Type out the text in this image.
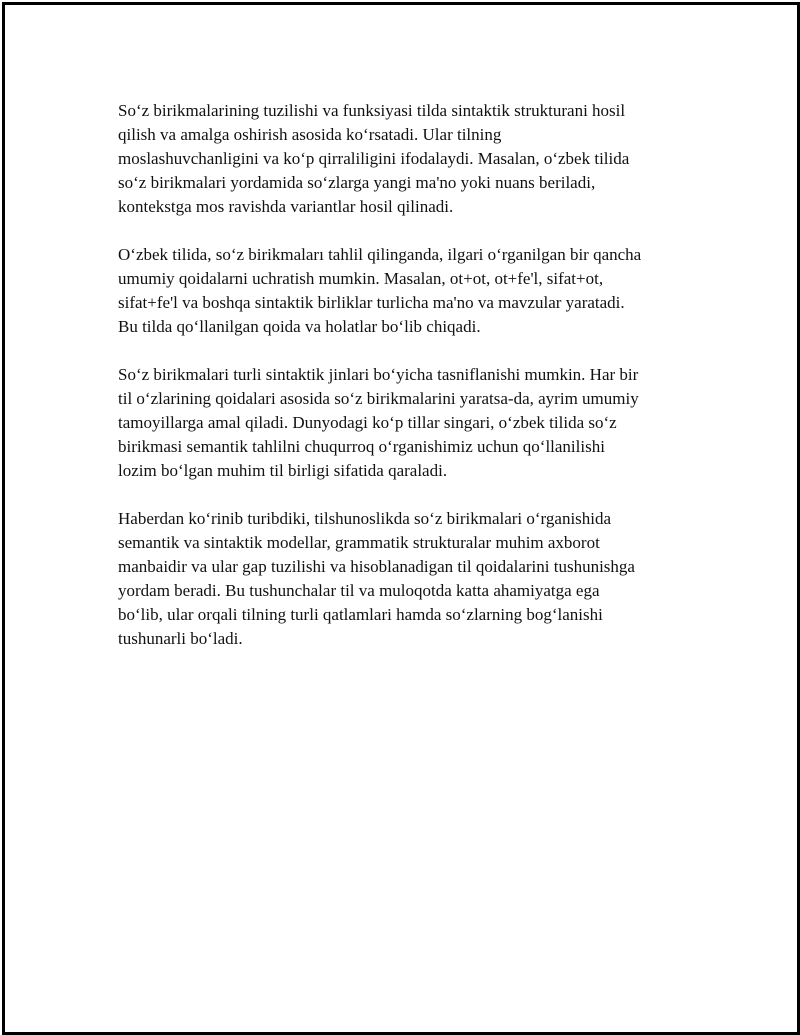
So‘z birikmalarining tuzilishi va funksiyasi tilda sintaktik strukturani hosil
qilish va amalga oshirish asosida ko‘rsatadi. Ular tilning
moslashuvchanligini va ko‘p qirraliligini ifodalaydi. Masalan, o‘zbek tilida
so‘z birikmalari yordamida so‘zlarga yangi ma'no yoki nuans beriladi,
kontekstga mos ravishda variantlar hosil qilinadi.

O‘zbek tilida, so‘z birikmaları tahlil qilinganda, ilgari o‘rganilgan bir qancha
umumiy qoidalarni uchratish mumkin. Masalan, ot+ot, ot+fe'l, sifat+ot,
sifat+fe'l va boshqa sintaktik birliklar turlicha ma'no va mavzular yaratadi.
Bu tilda qo‘llanilgan qoida va holatlar bo‘lib chiqadi.

So‘z birikmalari turli sintaktik jinlari bo‘yicha tasniflanishi mumkin. Har bir
til o‘zlarining qoidalari asosida so‘z birikmalarini yaratsa-da, ayrim umumiy
tamoyillarga amal qiladi. Dunyodagi ko‘p tillar singari, o‘zbek tilida so‘z
birikmasi semantik tahlilni chuqurroq o‘rganishimiz uchun qo‘llanilishi
lozim bo‘lgan muhim til birligi sifatida qaraladi.

Haberdan ko‘rinib turibdiki, tilshunoslikda so‘z birikmalari o‘rganishida
semantik va sintaktik modellar, grammatik strukturalar muhim axborot
manbaidir va ular gap tuzilishi va hisoblanadigan til qoidalarini tushunishga
yordam beradi. Bu tushunchalar til va muloqotda katta ahamiyatga ega
bo‘lib, ular orqali tilning turli qatlamlari hamda so‘zlarning bog‘lanishi
tushunarli bo‘ladi.
